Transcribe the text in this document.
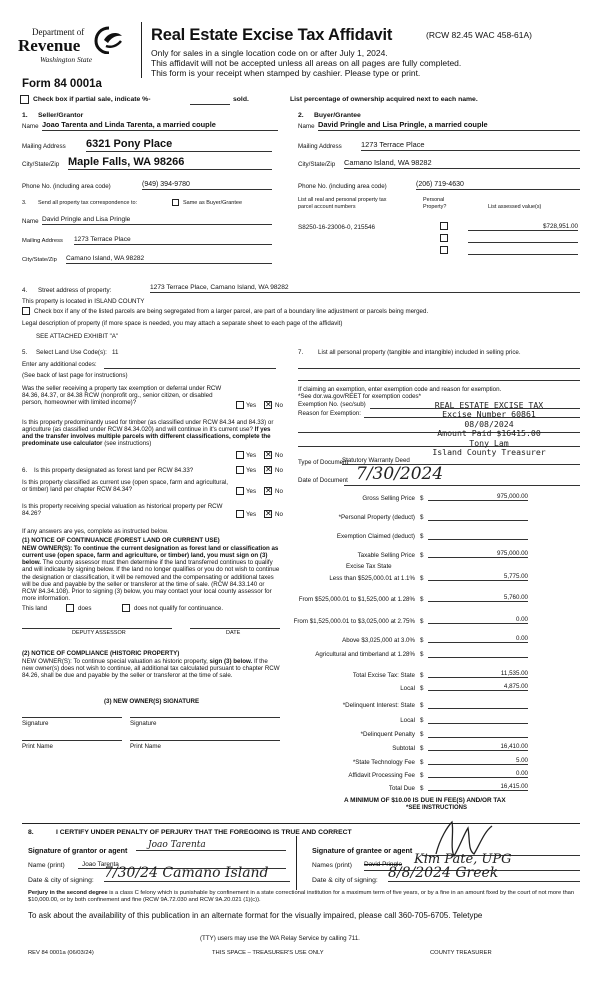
Department of
Revenue
Washington State
Form 84 0001a
Real Estate Excise Tax Affidavit	(RCW 82.45 WAC 458-61A)
Only for sales in a single location code on or after July 1, 2024.
This affidavit will not be accepted unless all areas on all pages are fully completed.
This form is your receipt when stamped by cashier. Please type or print.
Check box if partial sale, indicate %-	sold.	List percentage of ownership acquired next to each name.
1. Seller/Grantor
Name Joao Tarenta and Linda Tarenta, a married couple
Mailing Address 6321 Pony Place
City/State/Zip Maple Falls, WA 98266
Phone No. (including area code)	(949) 394-9780
2. Buyer/Grantee
Name David Pringle and Lisa Pringle, a married couple
Mailing Address	1273 Terrace Place
City/State/Zip Camano Island, WA 98282
Phone No. (including area code)	(206) 719-4630
3. Send all property tax correspondence to:	Same as Buyer/Grantee
Name David Pringle and Lisa Pringle
Mailing Address 1273 Terrace Place
City/State/Zip Camano Island, WA 98282
List all real and personal property tax
parcel account numbers
Personal
Property?	List assessed value(s)
S8250-16-23006-0, 215546	$728,951.00
4. Street address of property:	1273 Terrace Place, Camano Island, WA 98282
This property is located in ISLAND COUNTY
Check box if any of the listed parcels are being segregated from a larger parcel, are part of a boundary line adjustment or parcels being merged.
Legal description of property (if more space is needed, you may attach a separate sheet to each page of the affidavit)
SEE ATTACHED EXHIBIT "A"
5. Select Land Use Code(s): 11
Enter any additional codes:
(See back of last page for instructions)
Was the seller receiving a property tax exemption or deferral under RCW 84.36, 84.37, or 84.38 RCW (nonprofit org., senior citizen, or disabled person, homeowner with limited income)?	Yes ✕ No
Is this property predominantly used for timber (as classified under RCW 84.34 and 84.33) or agriculture (as classified under RCW 84.34.020) and will continue in it's current use? If yes and the transfer involves multiple parcels with different classifications, complete the predominate use calculator (see instructions)
Yes ✕ No
6. Is this property designated as forest land per RCW 84.33?	Yes ✕ No
Is this property classified as current use (open space, farm and agricultural, or timber) land per chapter RCW 84.34?	Yes ✕ No
Is this property receiving special valuation as historical property per RCW 84.26?	Yes ✕ No
If any answers are yes, complete as instructed below.
(1) NOTICE OF CONTINUANCE (FOREST LAND OR CURRENT USE)
NEW OWNER(S): To continue the current designation as forest land or classification as current use (open space, farm and agriculture, or timber) land, you must sign on (3) below. The county assessor must then determine if the land transferred continues to qualify and will indicate by signing below. If the land no longer qualifies or you do not wish to continue the designation or classification, it will be removed and the compensating or additional taxes will be due and payable by the seller or transferor at the time of sale. (RCW 84.33.140 or RCW 84.34.108). Prior to signing (3) below, you may contact your local county assessor for more information.
This land	does	does not qualify for continuance.
DEPUTY ASSESSOR	DATE
(2) NOTICE OF COMPLIANCE (HISTORIC PROPERTY)
NEW OWNER(S): To continue special valuation as historic property, sign (3) below. If the new owner(s) does not wish to continue, all additional tax calculated pursuant to chapter RCW 84.26, shall be due and payable by the seller or transferor at the time of sale.
(3) NEW OWNER(S) SIGNATURE
Signature	Signature
Print Name	Print Name
7. List all personal property (tangible and intangible) included in selling price.
If claiming an exemption, enter exemption code and reason for exemption.
*See dor.wa.gov/REET for exemption codes*
Exemption No. (sec/sub)
Reason for Exemption:
REAL ESTATE EXCISE TAX
Excise Number 60861
08/08/2024
Amount Paid $16415.00
Tony Lam
Island County Treasurer
Type of Document
Statutory Warranty Deed
Date of Document 7/30/2024
Gross Selling Price $	975,000.00
*Personal Property (deduct) $
Exemption Claimed (deduct) $
Taxable Selling Price $	975,000.00
Excise Tax State
Less than $525,000.01 at 1.1% $	5,775.00
From $525,000.01 to $1,525,000 at 1.28% $	5,760.00
From $1,525,000.01 to $3,025,000 at 2.75% $	0.00
Above $3,025,000 at 3.0% $	0.00
Agricultural and timberland at 1.28% $
Total Excise Tax: State $	11,535.00
Local $	4,875.00
*Delinquent Interest: State $
Local $
*Delinquent Penalty $
Subtotal $	16,410.00
*State Technology Fee $	5.00
Affidavit Processing Fee $	0.00
Total Due $	16,415.00
A MINIMUM OF $10.00 IS DUE IN FEE(S) AND/OR TAX
*SEE INSTRUCTIONS
8.	I CERTIFY UNDER PENALTY OF PERJURY THAT THE FOREGOING IS TRUE AND CORRECT
Signature of grantor or agent
Joao Tarenta
Name (print)	Joao Tarenta
Date & city of signing: 7/30/24 Camano Island
Signature of grantee or agent
Names (print) David Pringle Kim Pate, UPG
Date & city of signing: 8/8/2024 Greek
Perjury in the second degree is a class C felony which is punishable by confinement in a state correctional institution for a maximum term of five years, or by a fine in an amount fixed by the court of not more than $10,000.00, or by both confinement and fine (RCW 9A.72.030 and RCW 9A.20.021 (1)(c)).
To ask about the availability of this publication in an alternate format for the visually impaired, please call 360-705-6705. Teletype
(TTY) users may use the WA Relay Service by calling 711.
REV 84 0001a (06/03/24)	THIS SPACE – TREASURER'S USE ONLY	COUNTY TREASURER
